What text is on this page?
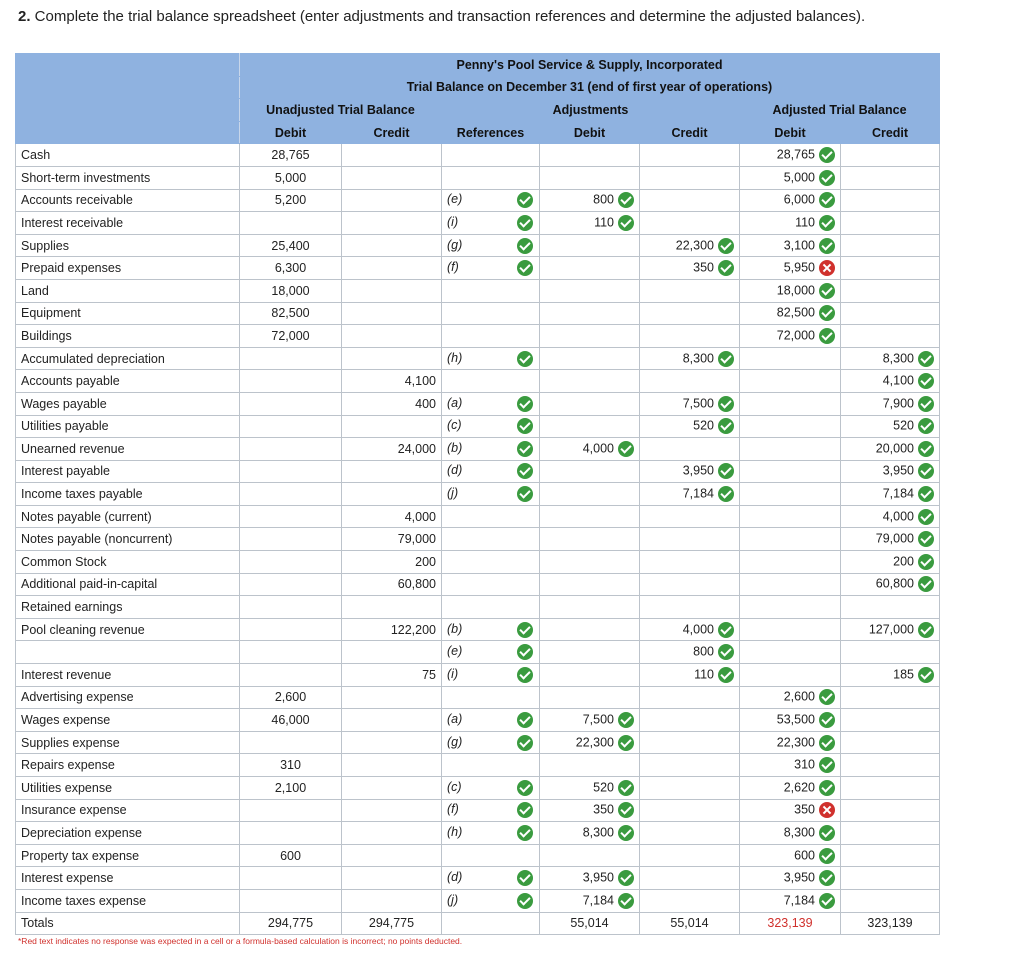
2. Complete the trial balance spreadsheet (enter adjustments and transaction references and determine the adjusted balances).
	Penny's Pool Service & Supply, Incorporated						
	Trial Balance on December 31 (end of first year of operations)						
	Unadjusted Trial Balance		Adjustments			Adjusted Trial Balance	
	Debit	Credit	References	Debit	Credit	Debit	Credit
Cash	28,765					28,765	
Short-term investments	5,000					5,000	
Accounts receivable	5,200		(e)	800		6,000	
Interest receivable			(i)	110		110	
Supplies	25,400		(g)		22,300	3,100	
Prepaid expenses	6,300		(f)		350	5,950	
Land	18,000					18,000	
Equipment	82,500					82,500	
Buildings	72,000					72,000	
Accumulated depreciation			(h)		8,300		8,300
Accounts payable		4,100					4,100
Wages payable		400	(a)		7,500		7,900
Utilities payable			(c)		520		520
Unearned revenue		24,000	(b)	4,000			20,000
Interest payable			(d)		3,950		3,950
Income taxes payable			(j)		7,184		7,184
Notes payable (current)		4,000					4,000
Notes payable (noncurrent)		79,000					79,000
Common Stock		200					200
Additional paid-in-capital		60,800					60,800
Retained earnings			

Pool cleaning revenue		122,200	(b)		4,000		127,000
			(e)		800		
Interest revenue		75	(i)		110		185
Advertising expense	2,600					2,600	
Wages expense	46,000		(a)	7,500		53,500	
Supplies expense			(g)	22,300		22,300	
Repairs expense	310					310	
Utilities expense	2,100		(c)	520		2,620	
Insurance expense			(f)	350		350	
Depreciation expense			(h)	8,300		8,300	
Property tax expense	600					600	
Interest expense			(d)	3,950		3,950	
Income taxes expense			(j)	7,184		7,184	
Totals	294,775	294,775		55,014	55,014	323,139	323,139
*Red text indicates no response was expected in a cell or a formula-based calculation is incorrect; no points deducted.
